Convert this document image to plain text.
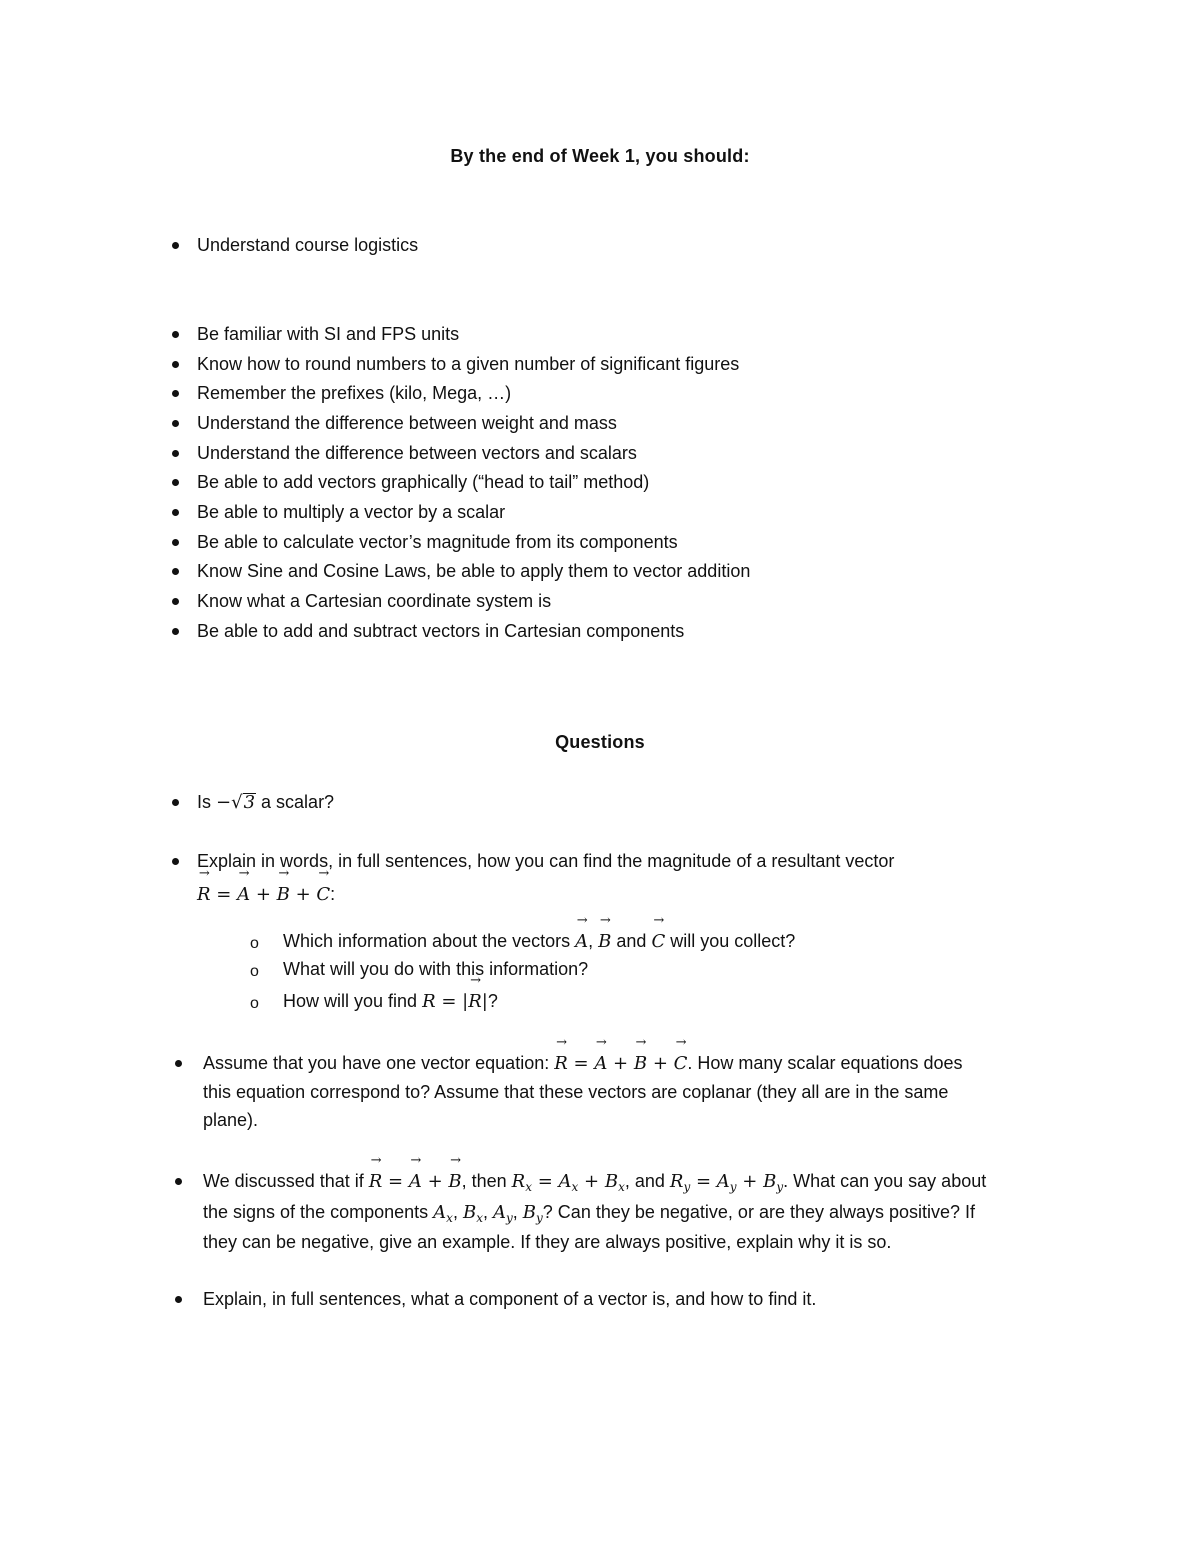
By the end of Week 1, you should:
Understand course logistics
Be familiar with SI and FPS units
Know how to round numbers to a given number of significant figures
Remember the prefixes (kilo, Mega, …)
Understand the difference between weight and mass
Understand the difference between vectors and scalars
Be able to add vectors graphically (“head to tail” method)
Be able to multiply a vector by a scalar
Be able to calculate vector’s magnitude from its components
Know Sine and Cosine Laws, be able to apply them to vector addition
Know what a Cartesian coordinate system is
Be able to add and subtract vectors in Cartesian components
Questions
Is −√3 a scalar?
Explain in words, in full sentences, how you can find the magnitude of a resultant vector
→ R = → A + → B + → C:
o Which information about the vectors → A, → B and → C will you collect?
o What will you do with this information?
o How will you find R = |→ R|?
Assume that you have one vector equation: → R = → A + → B + → C. How many scalar equations does
this equation correspond to? Assume that these vectors are coplanar (they all are in the same
plane).
We discussed that if → R = → A + → B, then $R_x = A_x + B_x$, and $R_y = A_y + B_y$. What can you say about
the signs of the components $A_x$, $B_x$, $A_y$, $B_y$? Can they be negative, or are they always positive? If
they can be negative, give an example. If they are always positive, explain why it is so.
Explain, in full sentences, what a component of a vector is, and how to find it.
